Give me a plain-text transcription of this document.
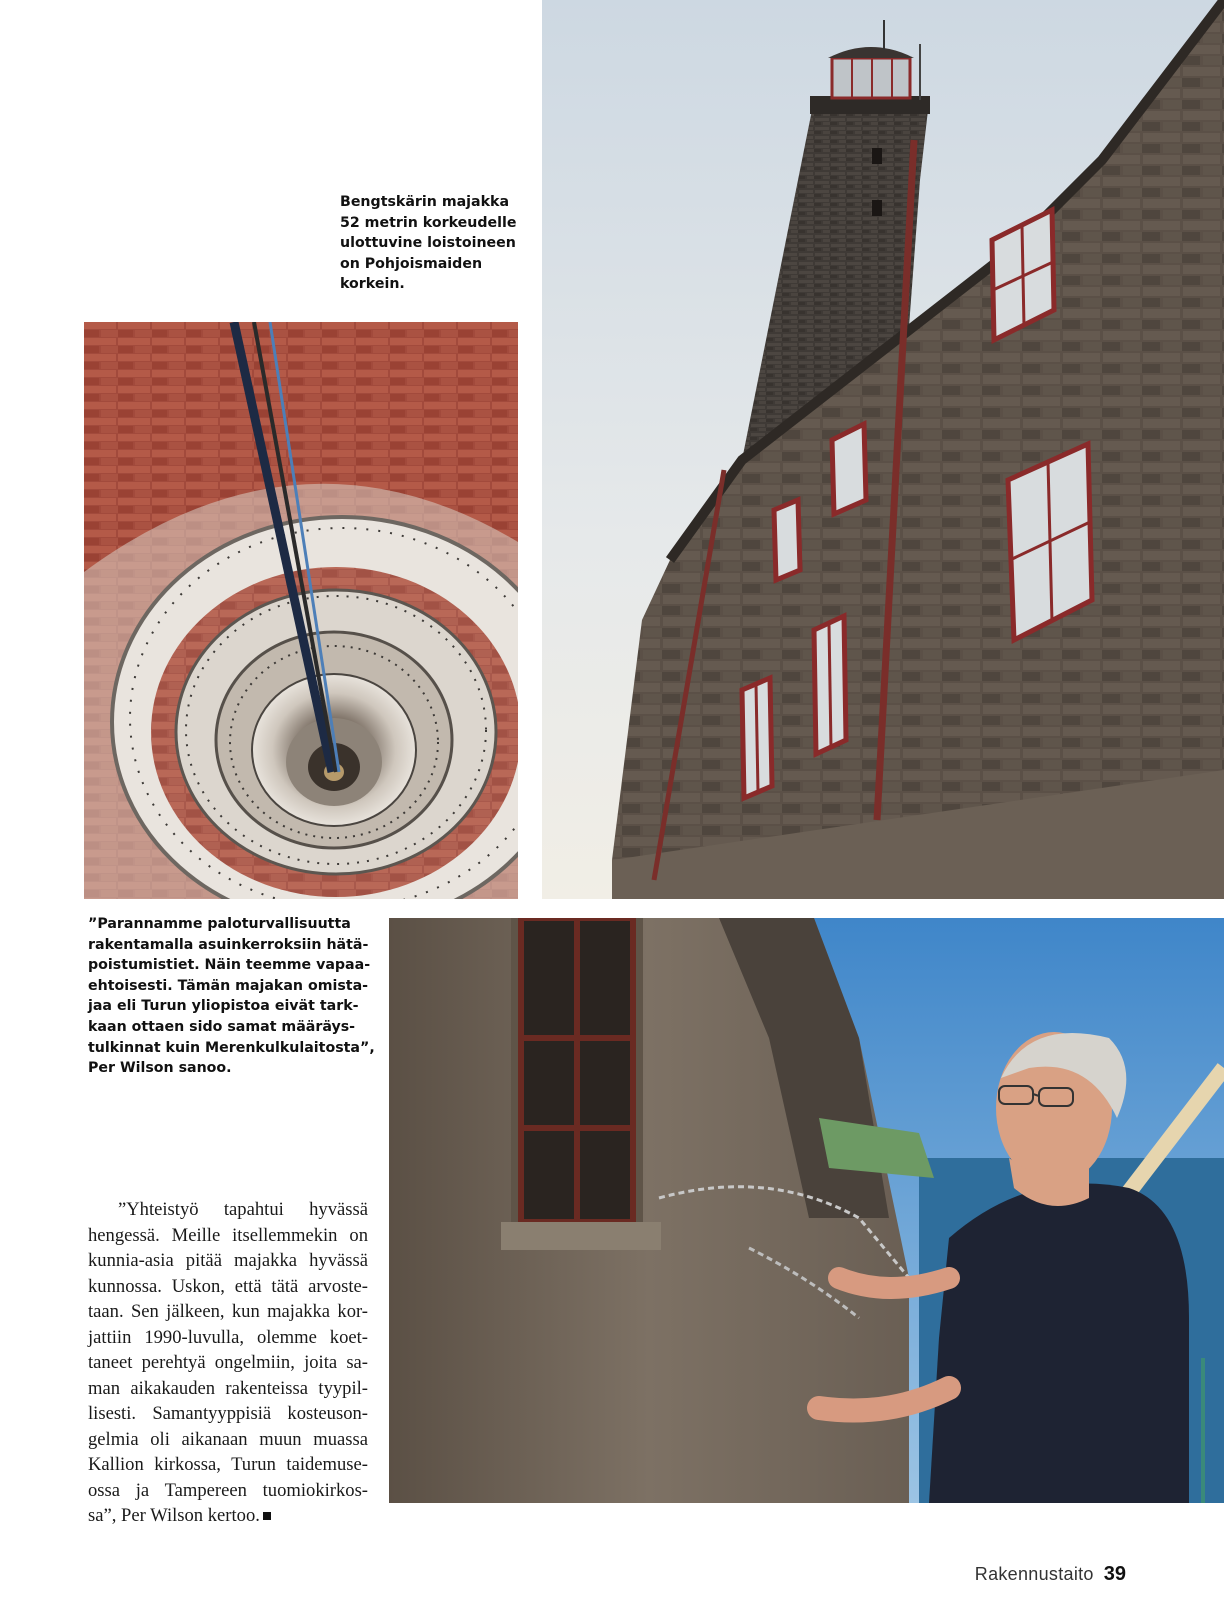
Bengtskärin majakka
52 metrin korkeudelle
ulottuvine loistoineen
on Pohjoismaiden
korkein.
”Parannamme paloturvallisuutta
rakentamalla asuinkerroksiin hätä-
poistumistiet. Näin teemme vapaa-
ehtoisesti. Tämän majakan omista-
jaa eli Turun yliopistoa eivät tark-
kaan ottaen sido samat määräys-
tulkinnat kuin Merenkulkulaitosta”,
Per Wilson sanoo.
”Yhteistyö tapahtui hyvässä
hengessä. Meille itsellemmekin on
kunnia-asia pitää majakka hyvässä
kunnossa. Uskon, että tätä arvoste-
taan. Sen jälkeen, kun majakka kor-
jattiin 1990-luvulla, olemme koet-
taneet perehtyä ongelmiin, joita sa-
man aikakauden rakenteissa tyypil-
lisesti. Samantyyppisiä kosteuson-
gelmia oli aikanaan muun muassa
Kallion kirkossa, Turun taidemuse-
ossa ja Tampereen tuomiokirkos-
sa”, Per Wilson kertoo.
Rakennustaito 39
